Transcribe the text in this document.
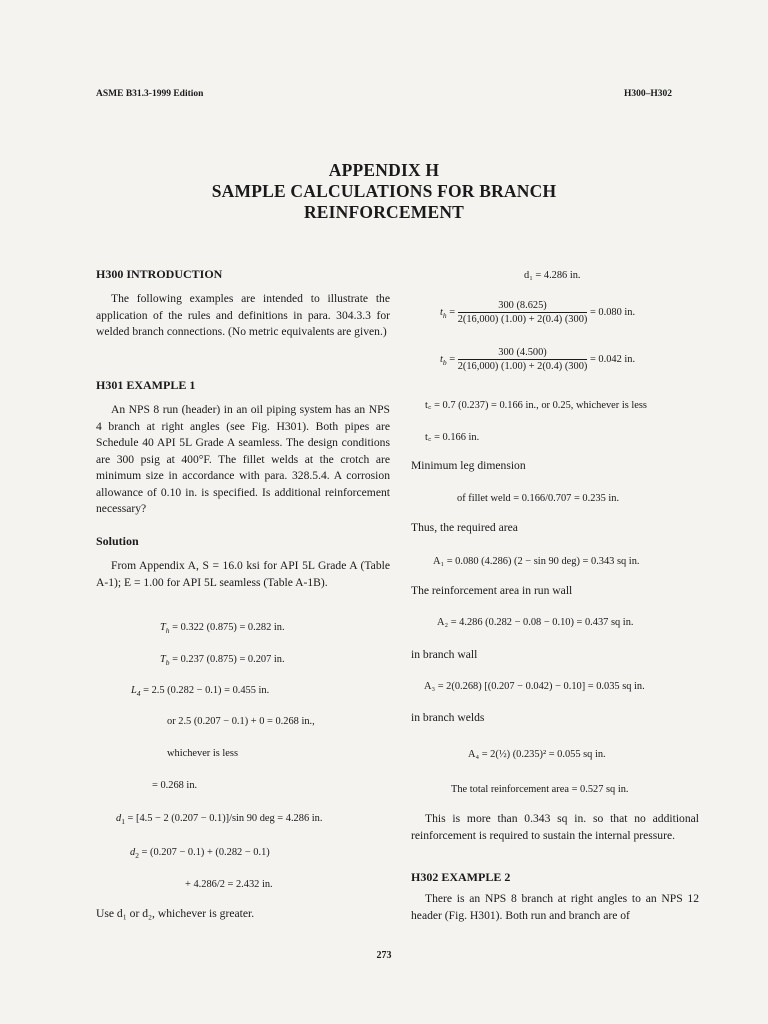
ASME B31.3-1999 Edition	H300–H302
APPENDIX H
SAMPLE CALCULATIONS FOR BRANCH
REINFORCEMENT
H300 INTRODUCTION
The following examples are intended to illustrate the application of the rules and definitions in para. 304.3.3 for welded branch connections. (No metric equivalents are given.)
H301 EXAMPLE 1
An NPS 8 run (header) in an oil piping system has an NPS 4 branch at right angles (see Fig. H301). Both pipes are Schedule 40 API 5L Grade A seamless. The design conditions are 300 psig at 400°F. The fillet welds at the crotch are minimum size in accordance with para. 328.5.4. A corrosion allowance of 0.10 in. is specified. Is additional reinforcement necessary?
Solution
From Appendix A, S = 16.0 ksi for API 5L Grade A (Table A-1); E = 1.00 for API 5L seamless (Table A-1B).
$T_h = 0.322$ (0.875) = 0.282 in.
$T_b = 0.237$ (0.875) = 0.207 in.
$L_4 = 2.5$ (0.282 − 0.1) = 0.455 in.
or 2.5 (0.207 − 0.1) + 0 = 0.268 in.,
whichever is less
= 0.268 in.
$d_1 = [4.5 - 2$ (0.207 − 0.1)]/sin 90 deg = 4.286 in.
$d_2 = (0.207 - 0.1) + (0.282 - 0.1)$
+ 4.286/2 = 2.432 in.
Use d₁ or d₂, whichever is greater.
d₁ = 4.286 in.
$t_h = \frac{300 (8.625)}{2(16,000) (1.00) + 2(0.4) (300)} = 0.080$ in.
$t_b = \frac{300 (4.500)}{2(16,000) (1.00) + 2(0.4) (300)} = 0.042$ in.
t꜀ = 0.7 (0.237) = 0.166 in., or 0.25, whichever is less
t꜀ = 0.166 in.
Minimum leg dimension
of fillet weld = 0.166/0.707 = 0.235 in.
Thus, the required area
A₁ = 0.080 (4.286) (2 − sin 90 deg) = 0.343 sq in.
The reinforcement area in run wall
A₂ = 4.286 (0.282 − 0.08 − 0.10) = 0.437 sq in.
in branch wall
A₃ = 2(0.268) [(0.207 − 0.042) − 0.10] = 0.035 sq in.
in branch welds
A₄ = 2(½) (0.235)² = 0.055 sq in.
The total reinforcement area = 0.527 sq in.
This is more than 0.343 sq in. so that no additional reinforcement is required to sustain the internal pressure.
H302 EXAMPLE 2
There is an NPS 8 branch at right angles to an NPS 12 header (Fig. H301). Both run and branch are of
273
